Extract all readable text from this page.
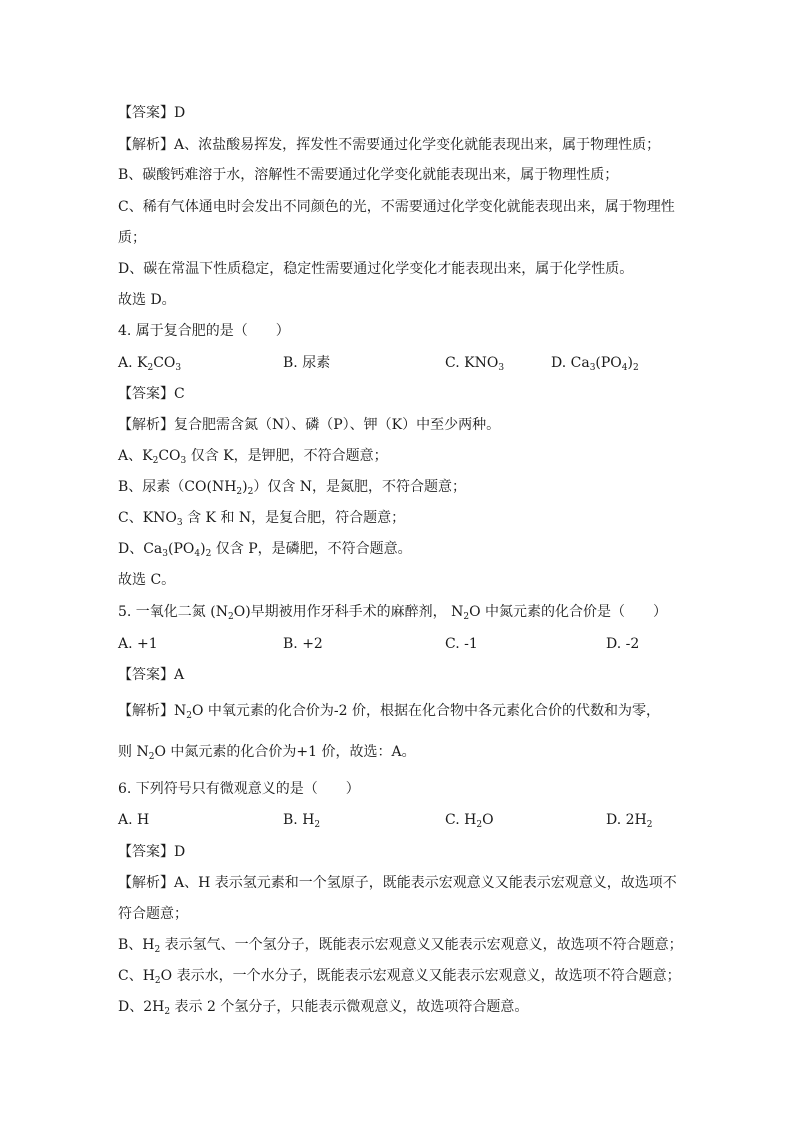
【答案】D
【解析】A、浓盐酸易挥发，挥发性不需要通过化学变化就能表现出来，属于物理性质；
B、碳酸钙难溶于水，溶解性不需要通过化学变化就能表现出来，属于物理性质；
C、稀有气体通电时会发出不同颜色的光，不需要通过化学变化就能表现出来，属于物理性
质；
D、碳在常温下性质稳定，稳定性需要通过化学变化才能表现出来，属于化学性质。
故选 D。
4. 属于复合肥的是（　　）
A. $K_2CO_3$	B. 尿素	C. $KNO_3$	D. $Ca_3(PO_4)_2$
【答案】C
【解析】复合肥需含氮（N）、磷（P）、钾（K）中至少两种。
A、$K_2CO_3$ 仅含 K，是钾肥，不符合题意；
B、尿素$(CO(NH_2)_2)$仅含 N，是氮肥，不符合题意；
C、$KNO_3$ 含 K 和 N，是复合肥，符合题意；
D、$Ca_3(PO_4)_2$ 仅含 P，是磷肥，不符合题意。
故选 C。
5. 一氧化二氮 $(N_2O)$早期被用作牙科手术的麻醉剂， $N_2O$ 中氮元素的化合价是（　　）
A. +1	B. +2	C. -1	D. -2
【答案】A
【解析】$N_2O$ 中氧元素的化合价为-2 价，根据在化合物中各元素化合价的代数和为零，
则 $N_2O$ 中氮元素的化合价为+1 价，故选：A。
6. 下列符号只有微观意义的是（　　）
A. H	B. $H_2$	C. $H_2O$	D. $2H_2$
【答案】D
【解析】A、H 表示氢元素和一个氢原子，既能表示宏观意义又能表示宏观意义，故选项不
符合题意；
B、$H_2$ 表示氢气、一个氢分子，既能表示宏观意义又能表示宏观意义，故选项不符合题意；
C、$H_2O$ 表示水，一个水分子，既能表示宏观意义又能表示宏观意义，故选项不符合题意；
D、$2H_2$ 表示 2 个氢分子，只能表示微观意义，故选项符合题意。
